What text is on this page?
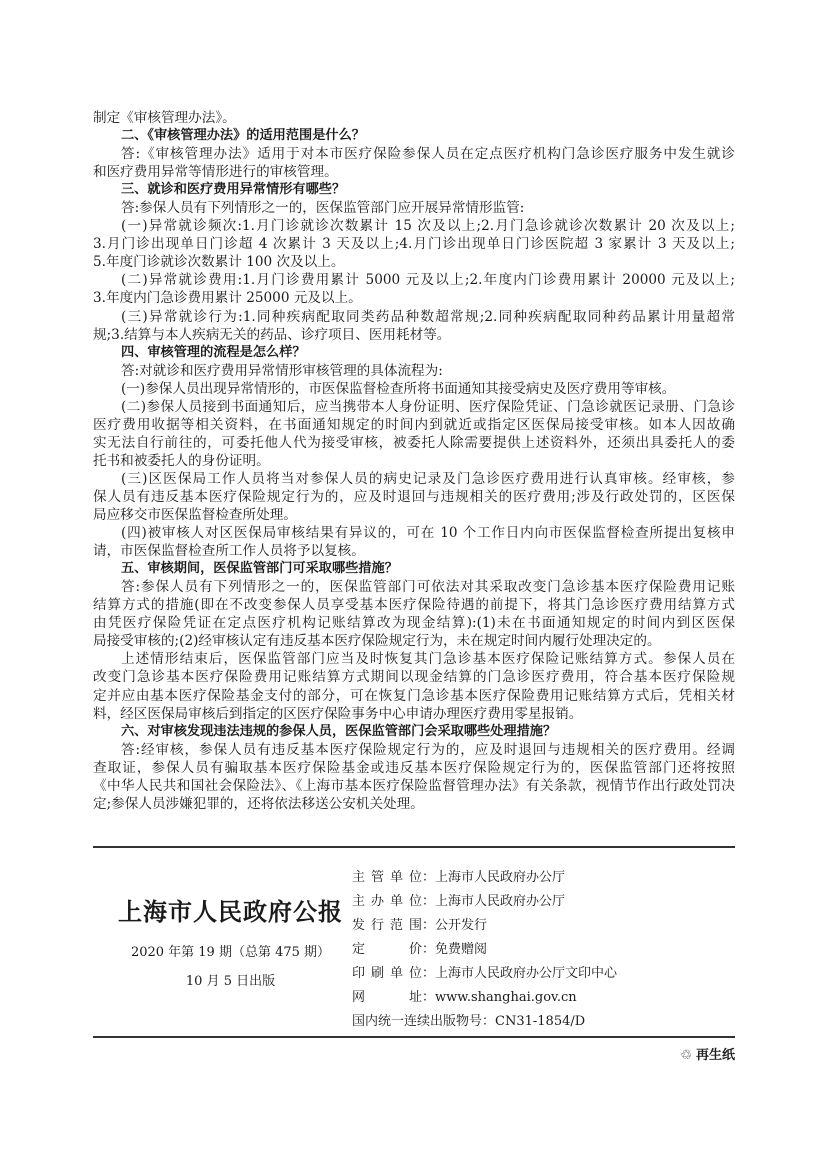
制定《审核管理办法》。
二、《审核管理办法》的适用范围是什么？
答:《审核管理办法》适用于对本市医疗保险参保人员在定点医疗机构门急诊医疗服务中发生就诊
和医疗费用异常等情形进行的审核管理。
三、就诊和医疗费用异常情形有哪些？
答:参保人员有下列情形之一的，医保监管部门应开展异常情形监管:
(一)异常就诊频次:1.月门诊就诊次数累计 15 次及以上;2.月门急诊就诊次数累计 20 次及以上;
3.月门诊出现单日门诊超 4 次累计 3 天及以上;4.月门诊出现单日门诊医院超 3 家累计 3 天及以上;
5.年度门诊就诊次数累计 100 次及以上。
(二)异常就诊费用:1.月门诊费用累计 5000 元及以上;2.年度内门诊费用累计 20000 元及以上;
3.年度内门急诊费用累计 25000 元及以上。
(三)异常就诊行为:1.同种疾病配取同类药品种数超常规;2.同种疾病配取同种药品累计用量超常
规;3.结算与本人疾病无关的药品、诊疗项目、医用耗材等。
四、审核管理的流程是怎么样？
答:对就诊和医疗费用异常情形审核管理的具体流程为:
(一)参保人员出现异常情形的，市医保监督检查所将书面通知其接受病史及医疗费用等审核。
(二)参保人员接到书面通知后，应当携带本人身份证明、医疗保险凭证、门急诊就医记录册、门急诊
医疗费用收据等相关资料，在书面通知规定的时间内到就近或指定区医保局接受审核。如本人因故确
实无法自行前往的，可委托他人代为接受审核，被委托人除需要提供上述资料外，还须出具委托人的委
托书和被委托人的身份证明。
(三)区医保局工作人员将当对参保人员的病史记录及门急诊医疗费用进行认真审核。经审核，参
保人员有违反基本医疗保险规定行为的，应及时退回与违规相关的医疗费用;涉及行政处罚的，区医保
局应移交市医保监督检查所处理。
(四)被审核人对区医保局审核结果有异议的，可在 10 个工作日内向市医保监督检查所提出复核申
请，市医保监督检查所工作人员将予以复核。
五、审核期间，医保监管部门可采取哪些措施？
答:参保人员有下列情形之一的，医保监管部门可依法对其采取改变门急诊基本医疗保险费用记账
结算方式的措施(即在不改变参保人员享受基本医疗保险待遇的前提下，将其门急诊医疗费用结算方式
由凭医疗保险凭证在定点医疗机构记账结算改为现金结算):(1)未在书面通知规定的时间内到区医保
局接受审核的;(2)经审核认定有违反基本医疗保险规定行为，未在规定时间内履行处理决定的。
上述情形结束后，医保监管部门应当及时恢复其门急诊基本医疗保险记账结算方式。参保人员在
改变门急诊基本医疗保险费用记账结算方式期间以现金结算的门急诊医疗费用，符合基本医疗保险规
定并应由基本医疗保险基金支付的部分，可在恢复门急诊基本医疗保险费用记账结算方式后，凭相关材
料，经区医保局审核后到指定的区医疗保险事务中心申请办理医疗费用零星报销。
六、对审核发现违法违规的参保人员，医保监管部门会采取哪些处理措施？
答:经审核，参保人员有违反基本医疗保险规定行为的，应及时退回与违规相关的医疗费用。经调
查取证，参保人员有骗取基本医疗保险基金或违反基本医疗保险规定行为的，医保监管部门还将按照
《中华人民共和国社会保险法》、《上海市基本医疗保险监督管理办法》有关条款，视情节作出行政处罚决
定;参保人员涉嫌犯罪的，还将依法移送公安机关处理。
上海市人民政府公报
2020 年第 19 期（总第 475 期）
10 月 5 日出版
主管单位 ： 上海市人民政府办公厅
主办单位 ： 上海市人民政府办公厅
发行范围 ： 公开发行
定价 ： 免费赠阅
印刷单位 ： 上海市人民政府办公厅文印中心
网址 ： www.shanghai.gov.cn
国内统一连续出版物号 ： CN31-1854/D
♲ 再生纸
